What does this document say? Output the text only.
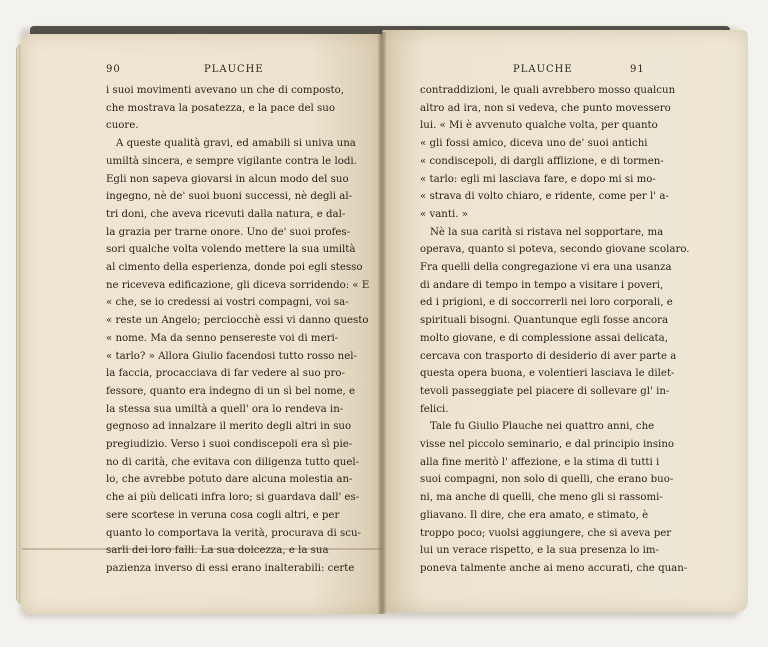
90	PLAUCHE	PLAUCHE	91
i suoi movimenti avevano un che di composto,
che mostrava la posatezza, e la pace del suo
cuore.
A queste qualità gravi, ed amabili si univa una
umiltà sincera, e sempre vigilante contra le lodi.
Egli non sapeva giovarsi in alcun modo del suo
ingegno, nè de' suoi buoni successi, nè degli al-
tri doni, che aveva ricevuti dalla natura, e dal-
la grazia per trarne onore. Uno de' suoi profes-
sori qualche volta volendo mettere la sua umiltà
al cimento della esperienza, donde poi egli stesso
ne riceveva edificazione, gli diceva sorridendo: « E
« che, se io credessi ai vostri compagni, voi sa-
« reste un Angelo; perciocchè essi vi danno questo
« nome. Ma da senno pensereste voi di meri-
« tarlo? » Allora Giulio facendosi tutto rosso nel-
la faccia, procacciava di far vedere al suo pro-
fessore, quanto era indegno di un sì bel nome, e
la stessa sua umiltà a quell' ora lo rendeva in-
gegnoso ad innalzare il merito degli altri in suo
pregiudizio. Verso i suoi condiscepoli era sì pie-
no di carità, che evitava con diligenza tutto quel-
lo, che avrebbe potuto dare alcuna molestia an-
che ai più delicati infra loro; si guardava dall' es-
sere scortese in veruna cosa cogli altri, e per
quanto lo comportava la verità, procurava di scu-
sarli dei loro falli. La sua dolcezza, e la sua
pazienza inverso di essi erano inalterabili: certe
contraddizioni, le quali avrebbero mosso qualcun
altro ad ira, non si vedeva, che punto movessero
lui. « Mi è avvenuto qualche volta, per quanto
« gli fossi amico, diceva uno de' suoi antichi
« condiscepoli, di dargli afflizione, e di tormen-
« tarlo: egli mi lasciava fare, e dopo mi si mo-
« strava di volto chiaro, e ridente, come per l' a-
« vanti. »
Nè la sua carità si ristava nel sopportare, ma
operava, quanto si poteva, secondo giovane scolaro.
Fra quelli della congregazione vi era una usanza
di andare di tempo in tempo a visitare i poveri,
ed i prigioni, e di soccorrerli nei loro corporali, e
spirituali bisogni. Quantunque egli fosse ancora
molto giovane, e di complessione assai delicata,
cercava con trasporto di desiderio di aver parte a
questa opera buona, e volentieri lasciava le dilet-
tevoli passeggiate pel piacere di sollevare gl' in-
felici.
Tale fu Giulio Plauche nei quattro anni, che
visse nel piccolo seminario, e dal principio insino
alla fine meritò l' affezione, e la stima di tutti i
suoi compagni, non solo di quelli, che erano buo-
ni, ma anche di quelli, che meno gli si rassomi-
gliavano. Il dire, che era amato, e stimato, è
troppo poco; vuolsi aggiungere, che si aveva per
lui un verace rispetto, e la sua presenza lo im-
poneva talmente anche ai meno accurati, che quan-
